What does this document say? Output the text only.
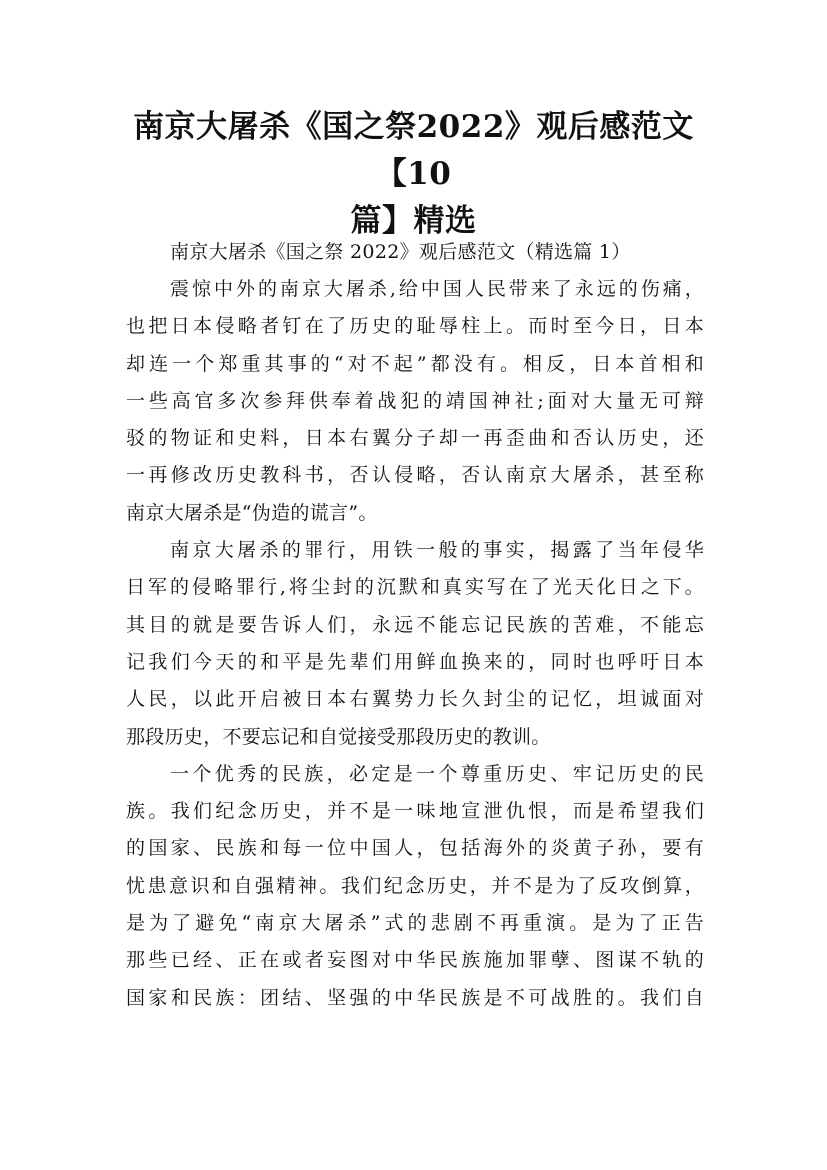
南京大屠杀《国之祭2022》观后感范文【10
篇】精选

南京大屠杀《国之祭 2022》观后感范文（精选篇 1）

震惊中外的南京大屠杀,给中国人民带来了永远的伤痛，
也把日本侵略者钉在了历史的耻辱柱上。而时至今日，日本
却连一个郑重其事的“对不起”都没有。相反，日本首相和
一些高官多次参拜供奉着战犯的靖国神社;面对大量无可辩
驳的物证和史料，日本右翼分子却一再歪曲和否认历史，还
一再修改历史教科书，否认侵略，否认南京大屠杀，甚至称
南京大屠杀是“伪造的谎言”。

南京大屠杀的罪行，用铁一般的事实，揭露了当年侵华
日军的侵略罪行,将尘封的沉默和真实写在了光天化日之下。
其目的就是要告诉人们，永远不能忘记民族的苦难，不能忘
记我们今天的和平是先辈们用鲜血换来的，同时也呼吁日本
人民，以此开启被日本右翼势力长久封尘的记忆，坦诚面对
那段历史，不要忘记和自觉接受那段历史的教训。

一个优秀的民族，必定是一个尊重历史、牢记历史的民
族。我们纪念历史，并不是一味地宣泄仇恨，而是希望我们
的国家、民族和每一位中国人，包括海外的炎黄子孙，要有
忧患意识和自强精神。我们纪念历史，并不是为了反攻倒算，
是为了避免“南京大屠杀”式的悲剧不再重演。是为了正告
那些已经、正在或者妄图对中华民族施加罪孽、图谋不轨的
国家和民族：团结、坚强的中华民族是不可战胜的。我们自
